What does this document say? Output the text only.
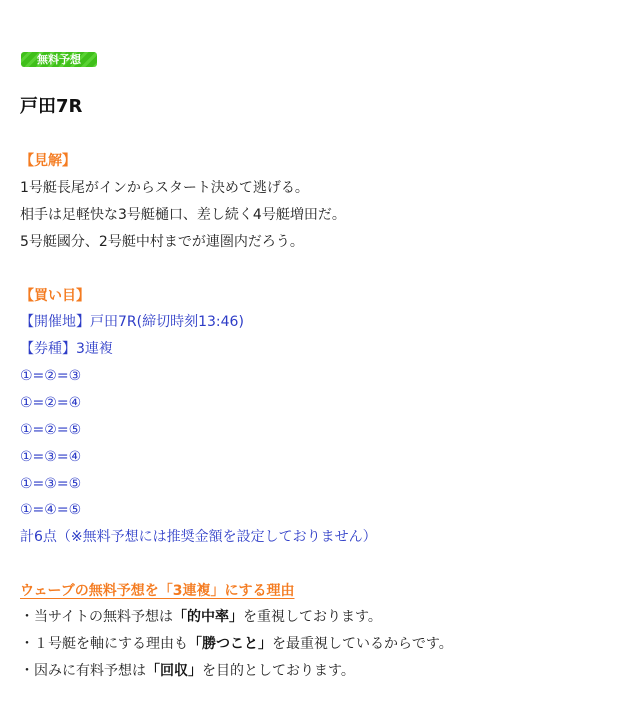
無料予想
戸田7R
【見解】
1号艇長尾がインからスタート決めて逃げる。
相手は足軽快な3号艇樋口、差し続く4号艇増田だ。
5号艇國分、2号艇中村までが連圏内だろう。
【買い目】
【開催地】戸田7R(締切時刻13:46)
【券種】3連複
①=②=③
①=②=④
①=②=⑤
①=③=④
①=③=⑤
①=④=⑤
計6点（※無料予想には推奨金額を設定しておりません）
ウェーブの無料予想を「3連複」にする理由
・当サイトの無料予想は「的中率」を重視しております。
・１号艇を軸にする理由も「勝つこと」を最重視しているからです。
・因みに有料予想は「回収」を目的としております。
